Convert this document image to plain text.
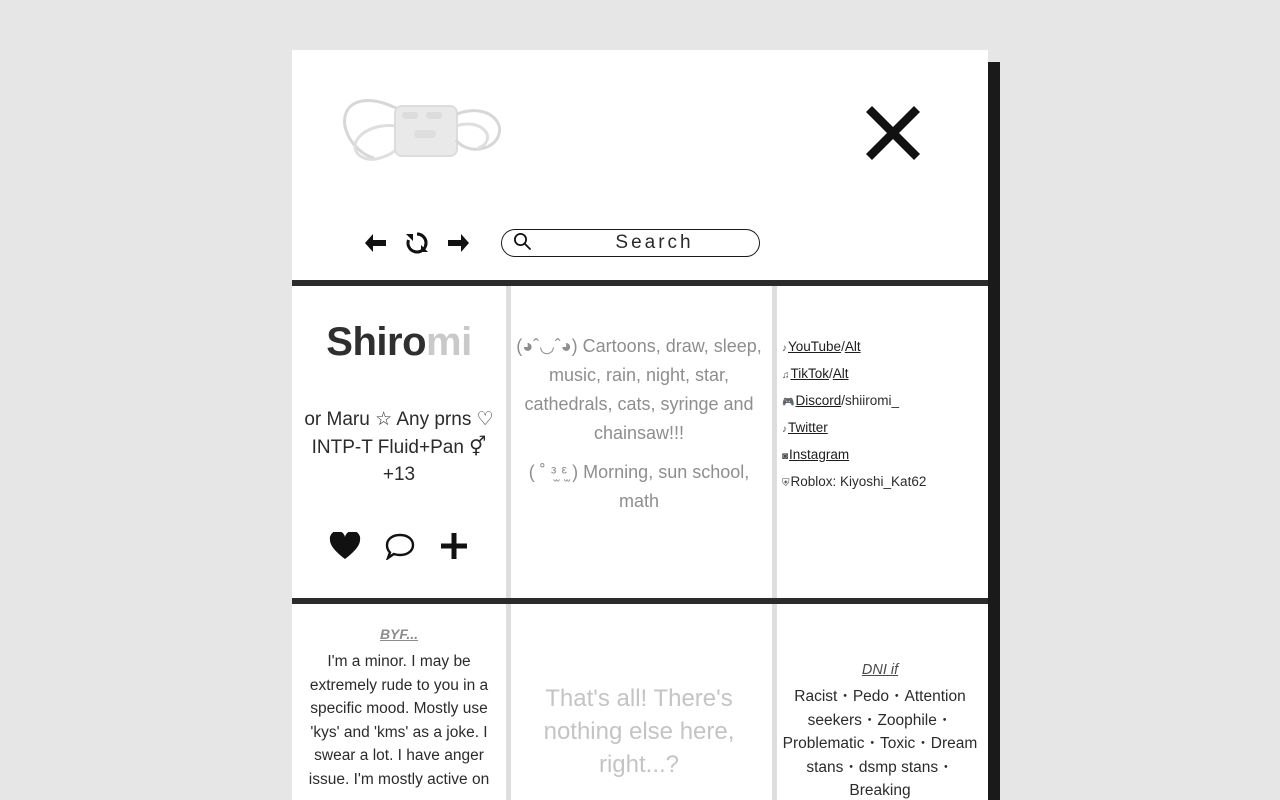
Search
Shiromi
or Maru ☆ Any prns ♡ INTP-T Fluid+Pan ⚥ +13
(◕ˆ◡ˆ◕) Cartoons, draw, sleep, music, rain, night, star, cathedrals, cats, syringe and chainsaw!!!
( ˚ ᵌ̫ ᵋ̫ ) Morning, sun school, math
♪YouTube/Alt
♫TikTok/Alt
🎮Discord/shiiromi_
♪Twitter
◙Instagram
⛨Roblox: Kiyoshi_Kat62
BYF...
I'm a minor. I may be extremely rude to you in a specific mood. Mostly use 'kys' and 'kms' as a joke. I swear a lot. I have anger issue. I'm mostly active on
That's all! There's nothing else here, right...?
DNI if
Racist・Pedo・Attention seekers・Zoophile・Problematic・Toxic・Dream stans・dsmp stans・Breaking
